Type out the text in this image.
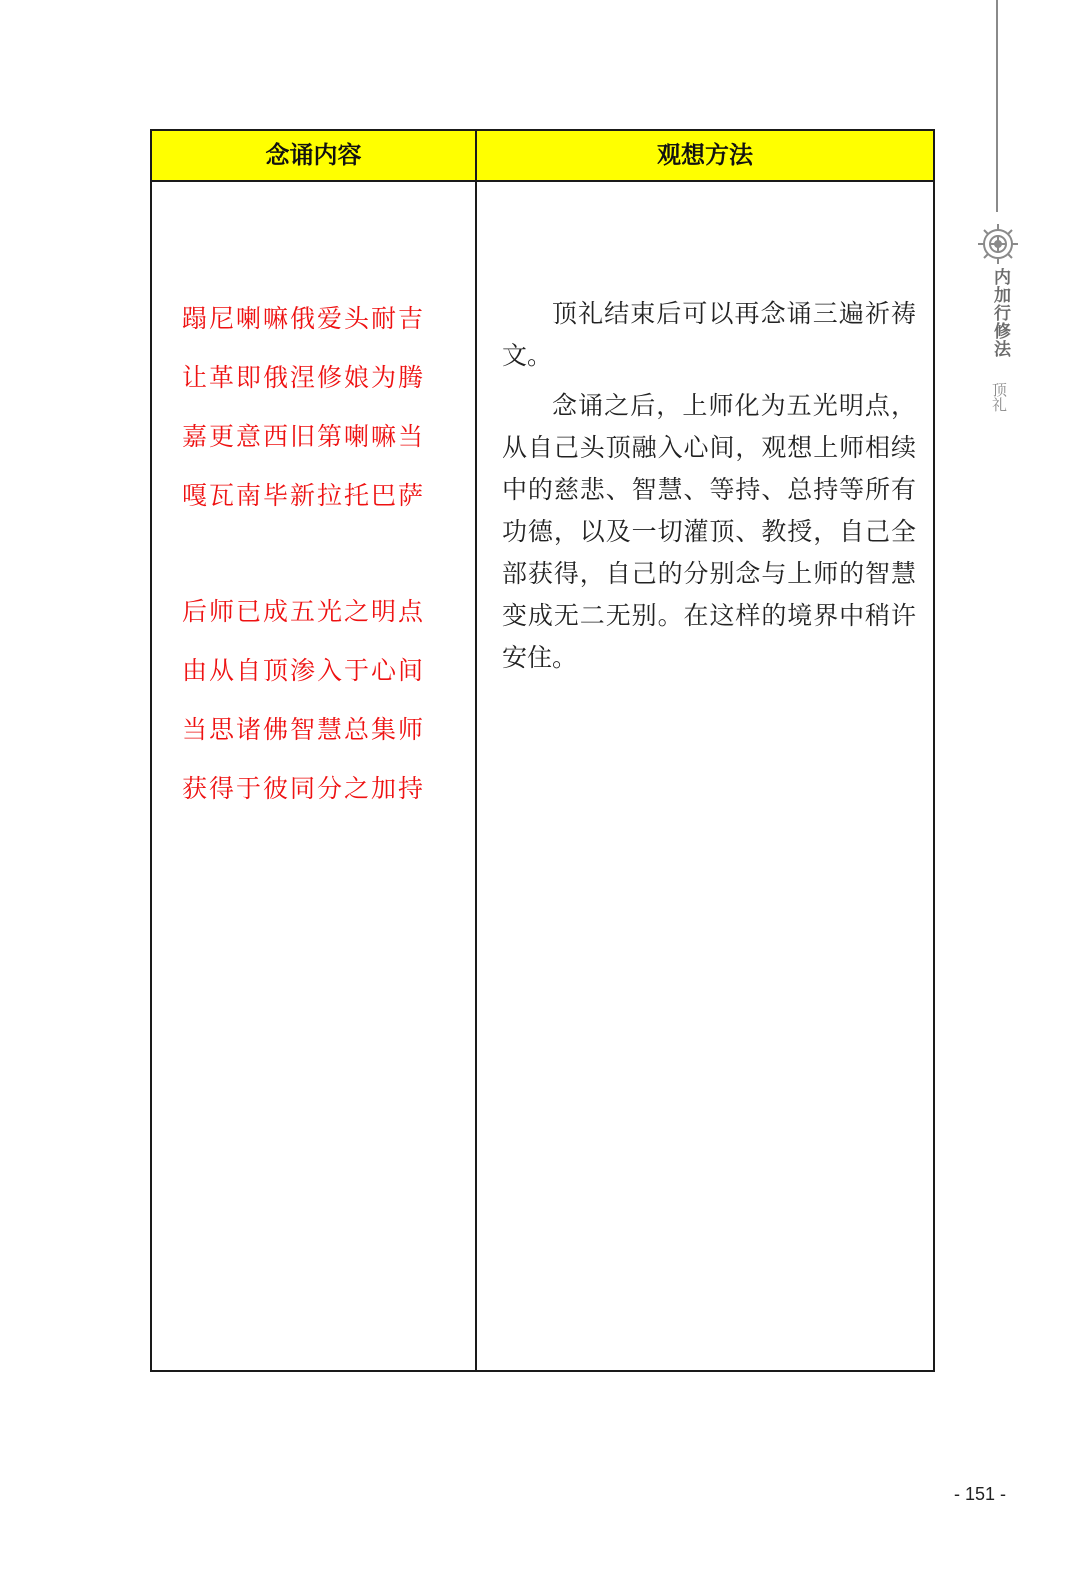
内加行修法
顶礼
念诵内容	观想方法
蹋尼喇嘛俄爱头耐吉
让革即俄涅修娘为腾
嘉更意西旧第喇嘛当
嘎瓦南毕新拉托巴萨
后师已成五光之明点
由从自顶渗入于心间
当思诸佛智慧总集师
获得于彼同分之加持

顶礼结束后可以再念诵三遍祈祷文。

念诵之后，上师化为五光明点，从自己头顶融入心间，观想上师相续中的慈悲、智慧、等持、总持等所有功德，以及一切灌顶、教授，自己全部获得，自己的分别念与上师的智慧变成无二无别。在这样的境界中稍许安住。

- 151 -
